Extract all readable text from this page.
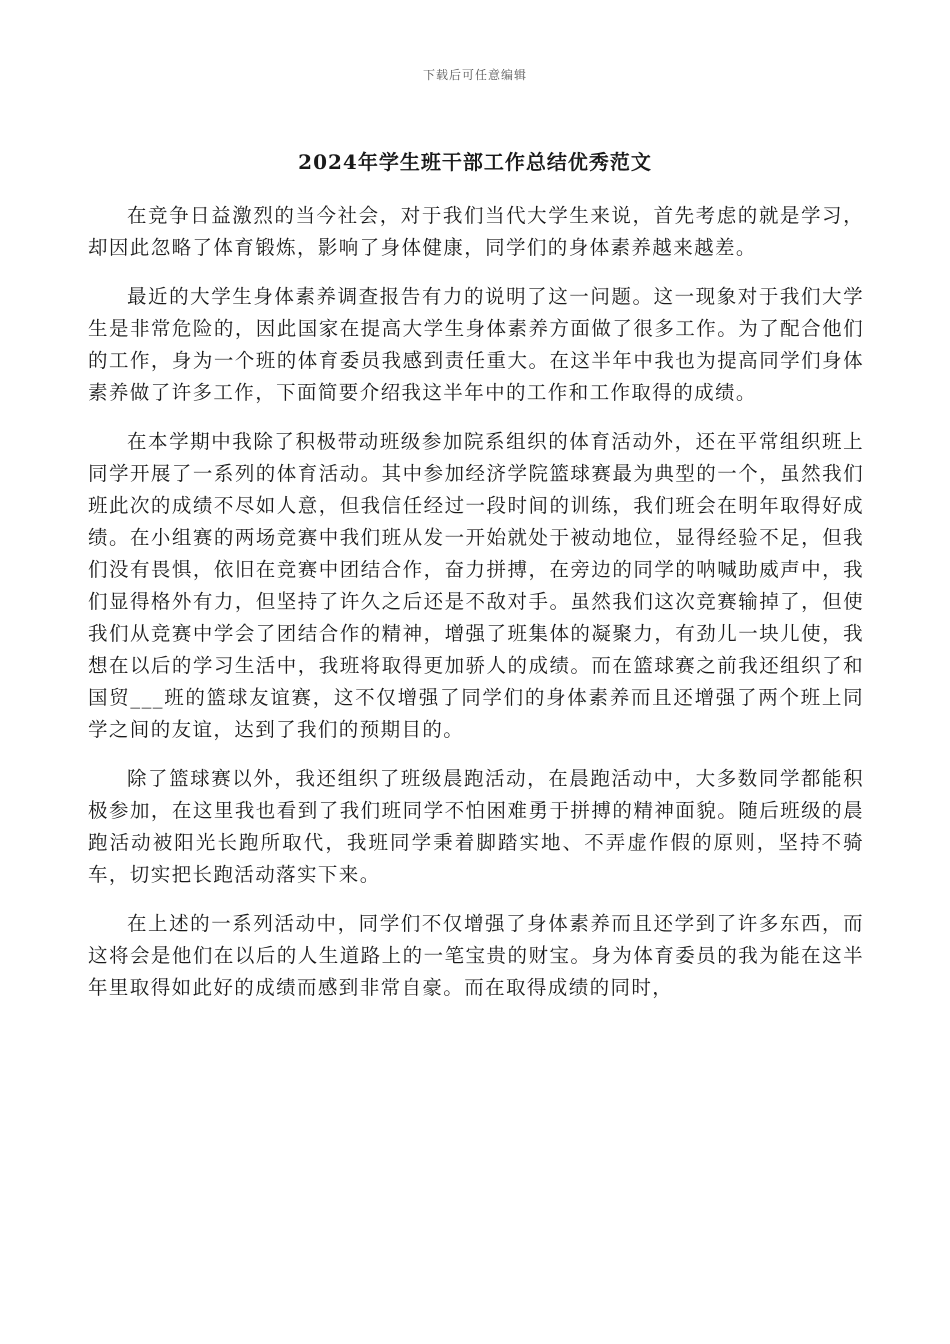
下载后可任意编辑
2024年学生班干部工作总结优秀范文

在竞争日益激烈的当今社会，对于我们当代大学生来说，首先考虑的就是学习，却因此忽略了体育锻炼，影响了身体健康，同学们的身体素养越来越差。

最近的大学生身体素养调查报告有力的说明了这一问题。这一现象对于我们大学生是非常危险的，因此国家在提高大学生身体素养方面做了很多工作。为了配合他们的工作，身为一个班的体育委员我感到责任重大。在这半年中我也为提高同学们身体素养做了许多工作，下面简要介绍我这半年中的工作和工作取得的成绩。

在本学期中我除了积极带动班级参加院系组织的体育活动外，还在平常组织班上同学开展了一系列的体育活动。其中参加经济学院篮球赛最为典型的一个，虽然我们班此次的成绩不尽如人意，但我信任经过一段时间的训练，我们班会在明年取得好成绩。在小组赛的两场竞赛中我们班从发一开始就处于被动地位，显得经验不足，但我们没有畏惧，依旧在竞赛中团结合作，奋力拼搏，在旁边的同学的呐喊助威声中，我们显得格外有力，但坚持了许久之后还是不敌对手。虽然我们这次竞赛输掉了，但使我们从竞赛中学会了团结合作的精神，增强了班集体的凝聚力，有劲儿一块儿使，我想在以后的学习生活中，我班将取得更加骄人的成绩。而在篮球赛之前我还组织了和国贸___班的篮球友谊赛，这不仅增强了同学们的身体素养而且还增强了两个班上同学之间的友谊，达到了我们的预期目的。

除了篮球赛以外，我还组织了班级晨跑活动，在晨跑活动中，大多数同学都能积极参加，在这里我也看到了我们班同学不怕困难勇于拼搏的精神面貌。随后班级的晨跑活动被阳光长跑所取代，我班同学秉着脚踏实地、不弄虚作假的原则，坚持不骑车，切实把长跑活动落实下来。

在上述的一系列活动中，同学们不仅增强了身体素养而且还学到了许多东西，而这将会是他们在以后的人生道路上的一笔宝贵的财宝。身为体育委员的我为能在这半年里取得如此好的成绩而感到非常自豪。而在取得成绩的同时，
